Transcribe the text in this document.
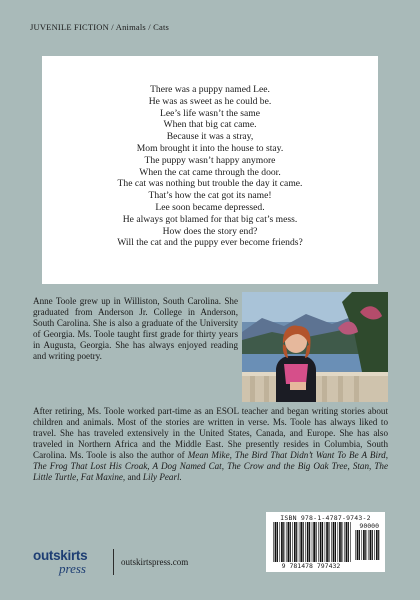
JUVENILE FICTION / Animals / Cats
There was a puppy named Lee.
He was as sweet as he could be.
Lee’s life wasn’t the same
When that big cat came.
Because it was a stray,
Mom brought it into the house to stay.
The puppy wasn’t happy anymore
When the cat came through the door.
The cat was nothing but trouble the day it came.
That’s how the cat got its name!
Lee soon became depressed.
He always got blamed for that big cat’s mess.
How does the story end?
Will the cat and the puppy ever become friends?
Anne Toole grew up in Williston, South Carolina. She graduated from Anderson Jr. College in Anderson, South Carolina. She is also a graduate of the University of Georgia. Ms. Toole taught first grade for thirty years in Augusta, Georgia. She has always enjoyed reading and writing poetry.
After retiring, Ms. Toole worked part-time as an ESOL teacher and began writing stories about children and animals. Most of the stories are written in verse. Ms. Toole has always liked to travel. She has traveled extensively in the United States, Canada, and Europe. She has also traveled in Northern Africa and the Middle East. She presently resides in Columbia, South Carolina. Ms. Toole is also the author of Mean Mike, The Bird That Didn’t Want To Be A Bird, The Frog That Lost His Croak, A Dog Named Cat, The Crow and the Big Oak Tree, Stan, The Little Turtle, Fat Maxine, and Lily Pearl.
ISBN 978-1-4787-9743-2
90000
9 781478 797432
outskirts
press	outskirtspress.com
